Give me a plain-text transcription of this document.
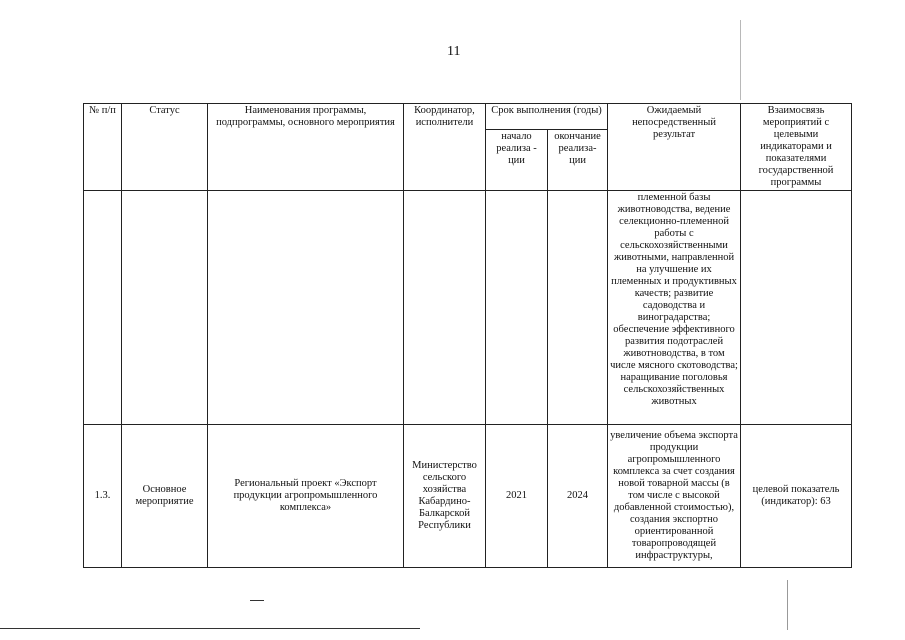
11
№ п/п	Статус	Наименования программы, подпрограммы, основного мероприятия	Координатор, исполнители	Срок выполнения (годы)		Ожидаемый непосредственный результат	Взаимосвязь мероприятий с целевыми индикаторами и показателями государственной программы
				начало реализа - ции	окончание реализа- ции		
						племенной базы животноводства, ведение селекционно-племенной работы с сельскохозяйственными животными, направленной на улучшение их племенных и продуктивных качеств; развитие садоводства и виноградарства; обеспечение эффективного развития подотраслей животноводства, в том числе мясного скотоводства; наращивание поголовья сельскохозяйственных животных	
1.3.	Основное мероприятие	Региональный проект «Экспорт продукции агропромышленного комплекса»	Министерство сельского хозяйства Кабардино-Балкарской Республики	2021	2024	увеличение объема экспорта продукции агропромышленного комплекса за счет создания новой товарной массы (в том числе с высокой добавленной стоимостью), создания экспортно ориентированной товаропроводящей инфраструктуры,	целевой показатель (индикатор): 63
